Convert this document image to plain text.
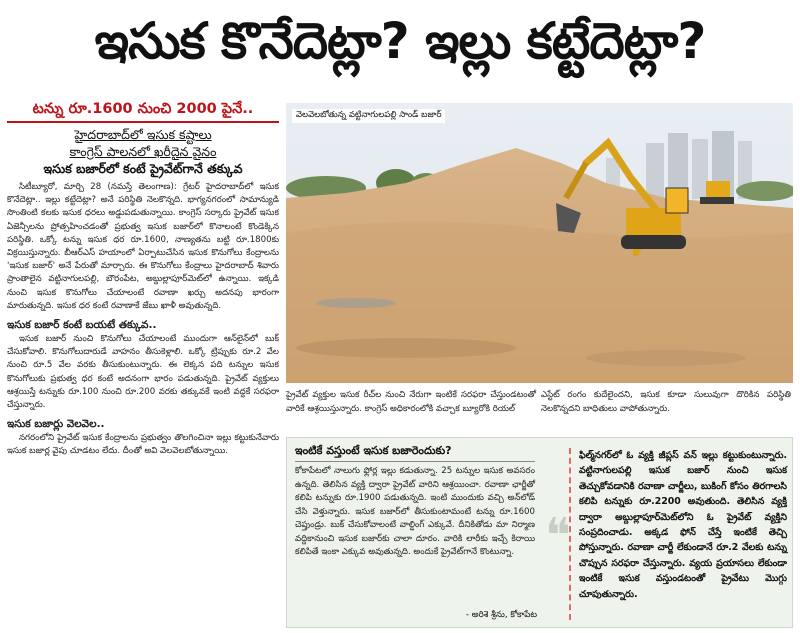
ఇసుక కొనేదెట్లా? ఇల్లు కట్టేదెట్లా?
టన్ను రూ.1600 నుంచి 2000 పైనే..
హైదరాబాద్‌లో ఇసుక కష్టాలు
కాంగ్రెస్‌ పాలనలో ఖరీదైన వైనం
ఇసుక బజార్‌లో కంటే ప్రైవేట్‌గానే తక్కువ

సిటీబ్యూరో, మార్చి 28 (నమస్తే తెలంగాణ): గ్రేటర్‌ హైదరాబాద్‌లో ఇసుక కొనేదెట్లా.. ఇల్లు కట్టేదెట్లా? అనే పరిస్థితి నెలకొన్నది. భాగ్యనగరంలో సామాన్యుడి సొంతింటి కలకు ఇసుక ధరలు అడ్డుపడుతున్నాయి. కాంగ్రెస్‌ సర్కారు ప్రైవేట్‌ ఇసుక ఏజెన్సీలను ప్రోత్సహించడంతో ప్రభుత్వ ఇసుక బజార్‌లో కొనాలంటే కొండెక్కిన పరిస్థితి. ఒక్కో టన్ను ఇసుక ధర రూ.1600, నాణ్యతను బట్టి రూ.1800కు విక్రయిస్తున్నారు. బీఆర్‌ఎస్‌ హయాంలో ఏర్పాటుచేసిన ఇసుక కొనుగోలు కేంద్రాలను 'ఇసుక బజార్‌' అనే పేరుతో మార్చారు. ఈ కొనుగోలు కేంద్రాలు హైదరాబాద్‌ శివారు ప్రాంతాలైన వట్టినాగులపల్లి, బౌరంపేట, అబ్దుల్లాపూర్‌మెట్‌లో ఉన్నాయి. ఇక్కడి నుంచి ఇసుక కొనుగోలు చేయాలంటే రవాణా ఖర్చు అదనపు భారంగా మారుతున్నది. ఇసుక ధర కంటే రవాణాకే జేబు ఖాళీ అవుతున్నది.

ఇసుక బజార్‌ కంటే బయటే తక్కువ..

ఇసుక బజార్‌ నుంచి కొనుగోలు చేయాలంటే ముందుగా ఆన్‌లైన్‌లో బుక్‌ చేసుకోవాలి. కొనుగోలుదారుడే వాహనం తీసుకెళ్లాలి. ఒక్కో ట్రిప్పుకు రూ.2 వేల నుంచి రూ.5 వేల వరకు తీసుకుంటున్నారు. ఈ లెక్కన పది టన్నుల ఇసుక కొనుగోలుకు ప్రభుత్వ ధర కంటే అదనంగా భారం పడుతున్నది. ప్రైవేట్‌ వ్యక్తులు ఆశ్రయిస్తే టన్నుకు రూ.100 నుంచి రూ.200 వరకు తక్కువకే ఇంటి వద్దకే సరఫరా చేస్తున్నారు.

ఇసుక బజార్లు వెలవెల..

నగరంలోని ప్రైవేట్‌ ఇసుక కేంద్రాలను ప్రభుత్వం తొలగించినా ఇల్లు కట్టుకునేవారు ఇసుక బజార్ల వైపు చూడటం లేదు. దీంతో అవి వెలవెలబోతున్నాయి.

వెలవెలబోతున్న వట్టినాగులపల్లి సాండ్‌ బజార్‌
ప్రైవేట్‌ వ్యక్తుల ఇసుక రీచ్‌ల నుంచి నేరుగా ఇంటికే సరఫరా చేస్తుండటంతో వారికే ఆశ్రయిస్తున్నారు. కాంగ్రెస్‌ అధికారంలోకి వచ్చాక బ్యూరోకి రియల్‌
ఎస్టేట్‌ రంగం కుదేలైందని, ఇసుక కూడా సులువుగా దొరికిన పరిస్థితి నెలకొన్నదని బాధితులు వాపోతున్నారు.
ఇంటికే వస్తుంటే ఇసుక బజారెందుకు?
కోకాపేటలో నాలుగు ఫ్లోర్ల ఇల్లు కడుతున్నా. 25 టన్నుల ఇసుక అవసరం ఉన్నది. తెలిసిన వ్యక్తి ద్వారా ప్రైవేట్‌ వారిని ఆశ్రయించా. రవాణా ఛార్జీతో కలిపి టన్నుకు రూ.1900 పడుతున్నది. ఇంటి ముందుకు వచ్చి అన్‌లోడ్‌ చేసి వెళ్తున్నారు. ఇసుక బజార్‌లో తీసుకుంటామంటే టన్ను రూ.1600 చెప్తుండ్రు. బుక్‌ చేసుకోవాలంటే వాల్డింగ్‌ ఎక్కువే. దీనికితోడు మా నిర్మాణ వద్దికానుంచి ఇసుక బజార్‌కు చాలా దూరం. వారికి లారీకు ఇచ్చే కిరాయి కలిపితే ఇంకా ఎక్కువ అవుతున్నది. అందుకే ప్రైవేట్‌గానే కొంటున్నా.
- అరిశె శ్రీను, కోకాపేట
❝
ఫిల్మ్‌నగర్‌లో ఓ వ్యక్తి జీప్లస్‌ వన్‌ ఇల్లు కట్టుకుంటున్నారు. వట్టినాగులపల్లి ఇసుక బజార్‌ నుంచి ఇసుక తెచ్చుకోవడానికి రవాణా చార్జీలు, బుకింగ్‌ కోసం తిరగాలసి కలిపి టన్నుకు రూ.2200 అవుతుంది. తెలిసిన వ్యక్తి ద్వారా అబ్దుల్లాపూర్‌మెట్‌లోని ఓ ప్రైవేట్‌ వ్యక్తిని సంప్రదించాడు. అక్కడ ఫోన్‌ చేస్తే ఇంటికే తెచ్చి పోస్తున్నారు. రవాణా చార్జీ లేకుండానే రూ.2 వేలకు టన్ను చొప్పున సరఫరా చేస్తున్నారు. వ్యయ ప్రయాసలు లేకుండా ఇంటికే ఇసుక వస్తుండటంతో ప్రైవేటు మొగ్గు చూపుతున్నారు.
